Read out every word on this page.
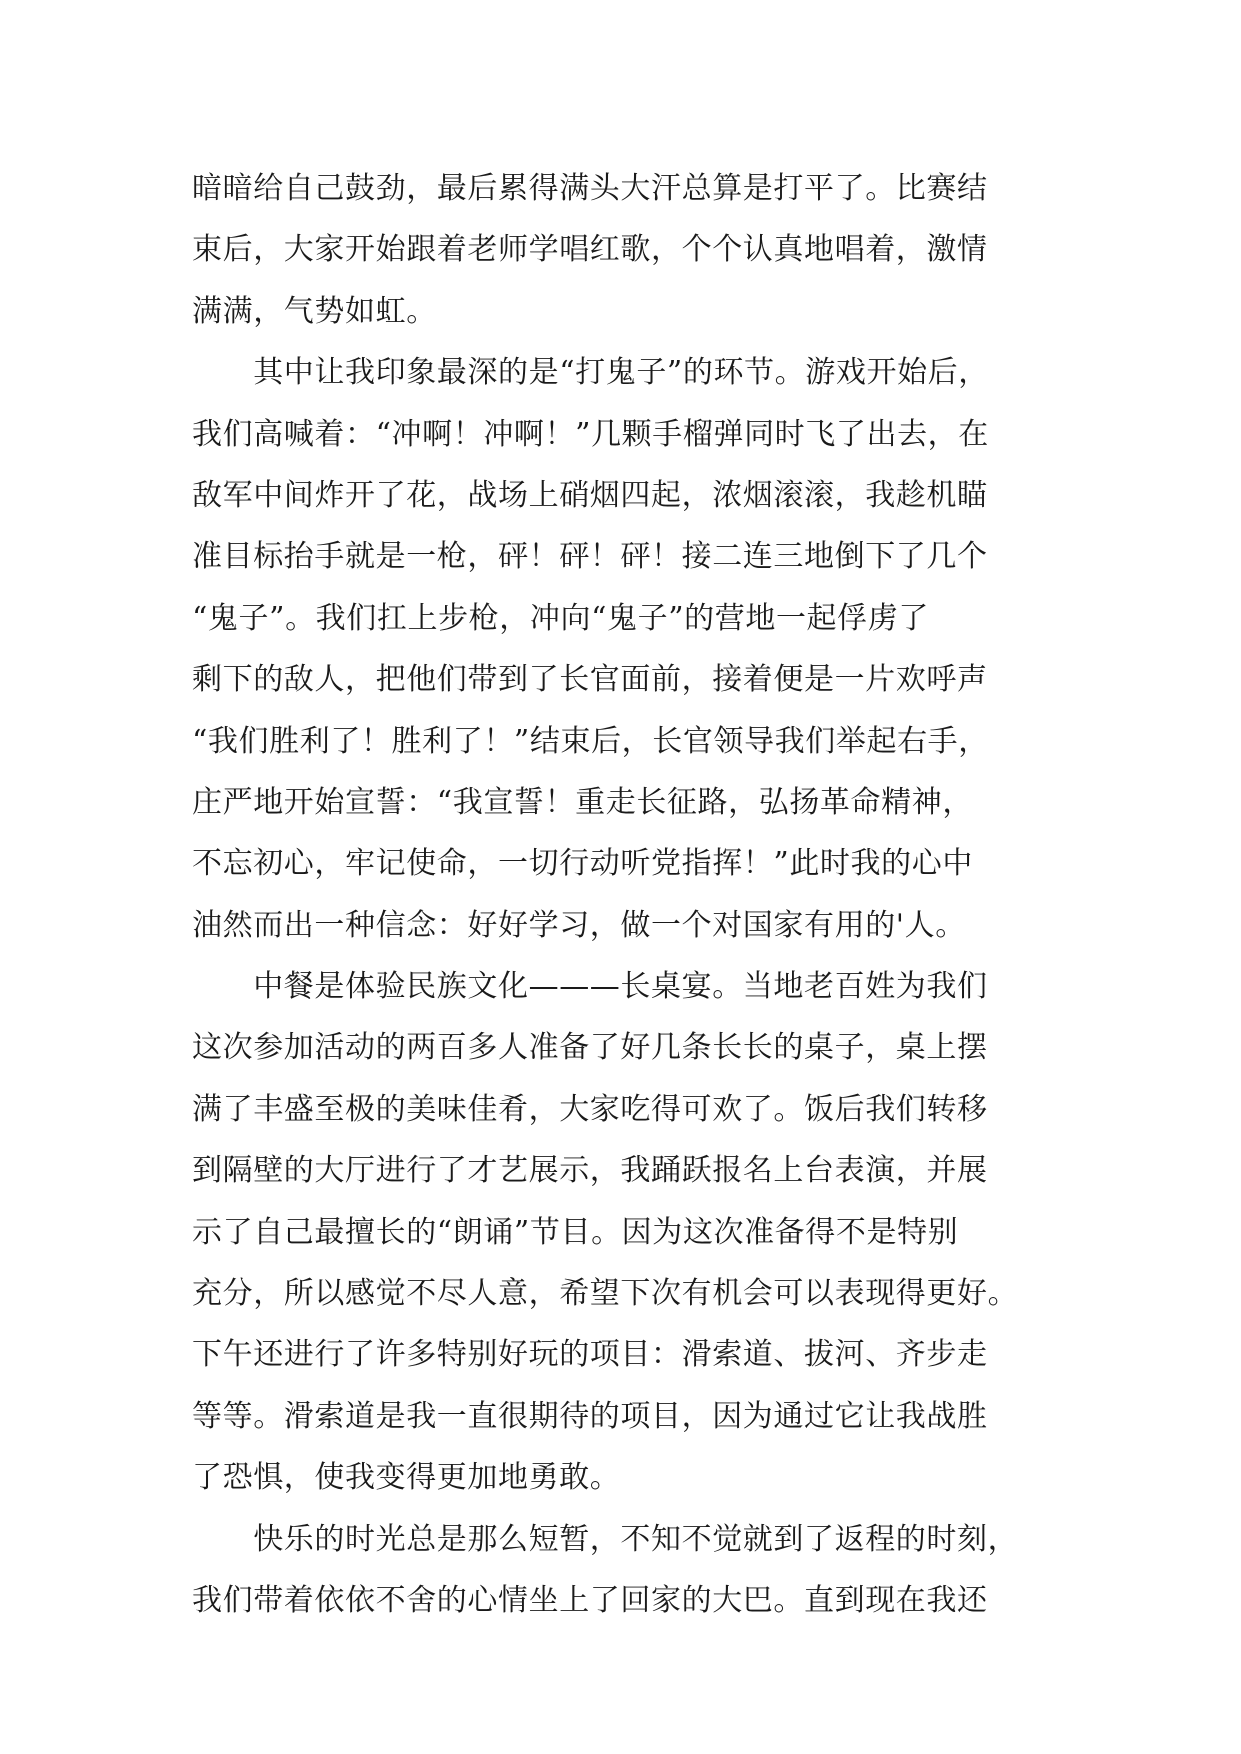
暗暗给自己鼓劲，最后累得满头大汗总算是打平了。比赛结
束后，大家开始跟着老师学唱红歌，个个认真地唱着，激情
满满，气势如虹。
　　其中让我印象最深的是“打鬼子”的环节。游戏开始后，
我们高喊着：“冲啊！冲啊！”几颗手榴弹同时飞了出去，在
敌军中间炸开了花，战场上硝烟四起，浓烟滚滚，我趁机瞄
准目标抬手就是一枪，砰！砰！砰！接二连三地倒下了几个
“鬼子”。我们扛上步枪，冲向“鬼子”的营地一起俘虏了
剩下的敌人，把他们带到了长官面前，接着便是一片欢呼声
“我们胜利了！胜利了！”结束后，长官领导我们举起右手，
庄严地开始宣誓：“我宣誓！重走长征路，弘扬革命精神，
不忘初心，牢记使命，一切行动听党指挥！”此时我的心中
油然而出一种信念：好好学习，做一个对国家有用的'人。
　　中餐是体验民族文化———长桌宴。当地老百姓为我们
这次参加活动的两百多人准备了好几条长长的桌子，桌上摆
满了丰盛至极的美味佳肴，大家吃得可欢了。饭后我们转移
到隔壁的大厅进行了才艺展示，我踊跃报名上台表演，并展
示了自己最擅长的“朗诵”节目。因为这次准备得不是特别
充分，所以感觉不尽人意，希望下次有机会可以表现得更好。
下午还进行了许多特别好玩的项目：滑索道、拔河、齐步走
等等。滑索道是我一直很期待的项目，因为通过它让我战胜
了恐惧，使我变得更加地勇敢。
　　快乐的时光总是那么短暂，不知不觉就到了返程的时刻，
我们带着依依不舍的心情坐上了回家的大巴。直到现在我还
